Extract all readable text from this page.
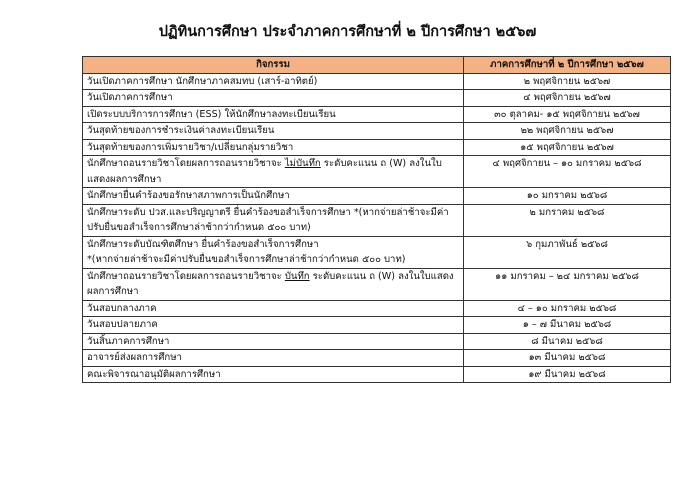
ปฏิทินการศึกษา ประจำภาคการศึกษาที่ ๒ ปีการศึกษา ๒๕๖๗
กิจกรรม	ภาคการศึกษาที่ ๒ ปีการศึกษา ๒๕๖๗
วันเปิดภาคการศึกษา นักศึกษาภาคสมทบ (เสาร์-อาทิตย์)	๒ พฤศจิกายน ๒๕๖๗
วันเปิดภาคการศึกษา	๔ พฤศจิกายน ๒๕๖๗
เปิดระบบบริการการศึกษา (ESS) ให้นักศึกษาลงทะเบียนเรียน	๓๐ ตุลาคม- ๑๕ พฤศจิกายน ๒๕๖๗
วันสุดท้ายของการชำระเงินค่าลงทะเบียนเรียน	๒๒ พฤศจิกายน ๒๕๖๗
วันสุดท้ายของการเพิ่มรายวิชา/เปลี่ยนกลุ่มรายวิชา	๑๕ พฤศจิกายน ๒๕๖๗
นักศึกษาถอนรายวิชาโดยผลการถอนรายวิชาจะ ไม่บันทึก ระดับคะแนน ถ (W) ลงในใบแสดงผลการศึกษา	๔ พฤศจิกายน – ๑๐ มกราคม ๒๕๖๘
นักศึกษายื่นคำร้องขอรักษาสภาพการเป็นนักศึกษา	๑๐ มกราคม ๒๕๖๘
นักศึกษาระดับ ปวส.และปริญญาตรี ยื่นคำร้องขอสำเร็จการศึกษา *(หากจ่ายล่าช้าจะมีค่าปรับยื่นขอสำเร็จการศึกษาล่าช้ากว่ากำหนด ๕๐๐ บาท)	๒ มกราคม ๒๕๖๘

นักศึกษาระดับบัณฑิตศึกษา ยื่นคำร้องขอสำเร็จการศึกษา
*(หากจ่ายล่าช้าจะมีค่าปรับยื่นขอสำเร็จการศึกษาล่าช้ากว่ากำหนด ๕๐๐ บาท)	๖ กุมภาพันธ์ ๒๕๖๘
นักศึกษาถอนรายวิชาโดยผลการถอนรายวิชาจะ บันทึก ระดับคะแนน ถ (W) ลงในใบแสดงผลการศึกษา	๑๑ มกราคม – ๒๔ มกราคม ๒๕๖๘
วันสอบกลางภาค	๔ – ๑๐ มกราคม ๒๕๖๘
วันสอบปลายภาค	๑ – ๗ มีนาคม ๒๕๖๘
วันสิ้นภาคการศึกษา	๘ มีนาคม ๒๕๖๘
อาจารย์ส่งผลการศึกษา	๑๓ มีนาคม ๒๕๖๘
คณะพิจารณาอนุมัติผลการศึกษา	๑๙ มีนาคม ๒๕๖๘
